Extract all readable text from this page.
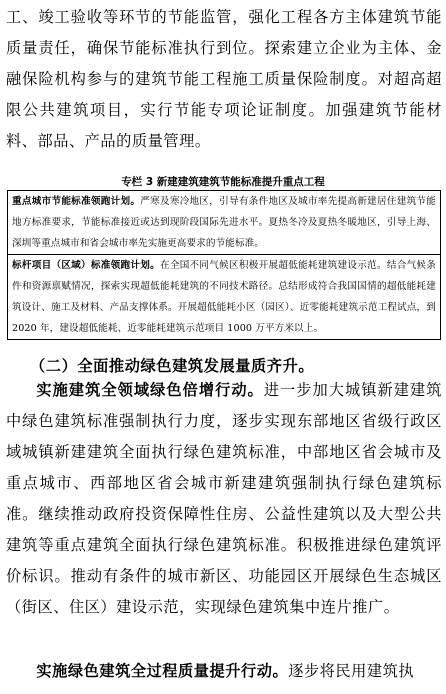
工、竣工验收等环节的节能监管，强化工程各方主体建筑节能质量责任，确保节能标准执行到位。探索建立企业为主体、金融保险机构参与的建筑节能工程施工质量保险制度。对超高超限公共建筑项目，实行节能专项论证制度。加强建筑节能材料、部品、产品的质量管理。
专栏 3 新建建筑建筑节能标准提升重点工程
重点城市节能标准领跑计划。严寒及寒冷地区，引导有条件地区及城市率先提高新建居住建筑节能地方标准要求，节能标准接近或达到现阶段国际先进水平。夏热冬冷及夏热冬暖地区，引导上海、深圳等重点城市和省会城市率先实施更高要求的节能标准。
标杆项目（区域）标准领跑计划。在全国不同气候区积极开展超低能耗建筑建设示范。结合气候条件和资源禀赋情况，探索实现超低能耗建筑的不同技术路径。总结形成符合我国国情的超低能耗建筑设计、施工及材料、产品支撑体系。开展超低能耗小区（园区）、近零能耗建筑示范工程试点，到 2020 年，建设超低能耗、近零能耗建筑示范项目 1000 万平方米以上。
（二）全面推动绿色建筑发展量质齐升。
实施建筑全领域绿色倍增行动。进一步加大城镇新建建筑中绿色建筑标准强制执行力度，逐步实现东部地区省级行政区域城镇新建建筑全面执行绿色建筑标准，中部地区省会城市及重点城市、西部地区省会城市新建建筑强制执行绿色建筑标准。继续推动政府投资保障性住房、公益性建筑以及大型公共建筑等重点建筑全面执行绿色建筑标准。积极推进绿色建筑评价标识。推动有条件的城市新区、功能园区开展绿色生态城区（街区、住区）建设示范，实现绿色建筑集中连片推广。
实施绿色建筑全过程质量提升行动。逐步将民用建筑执
